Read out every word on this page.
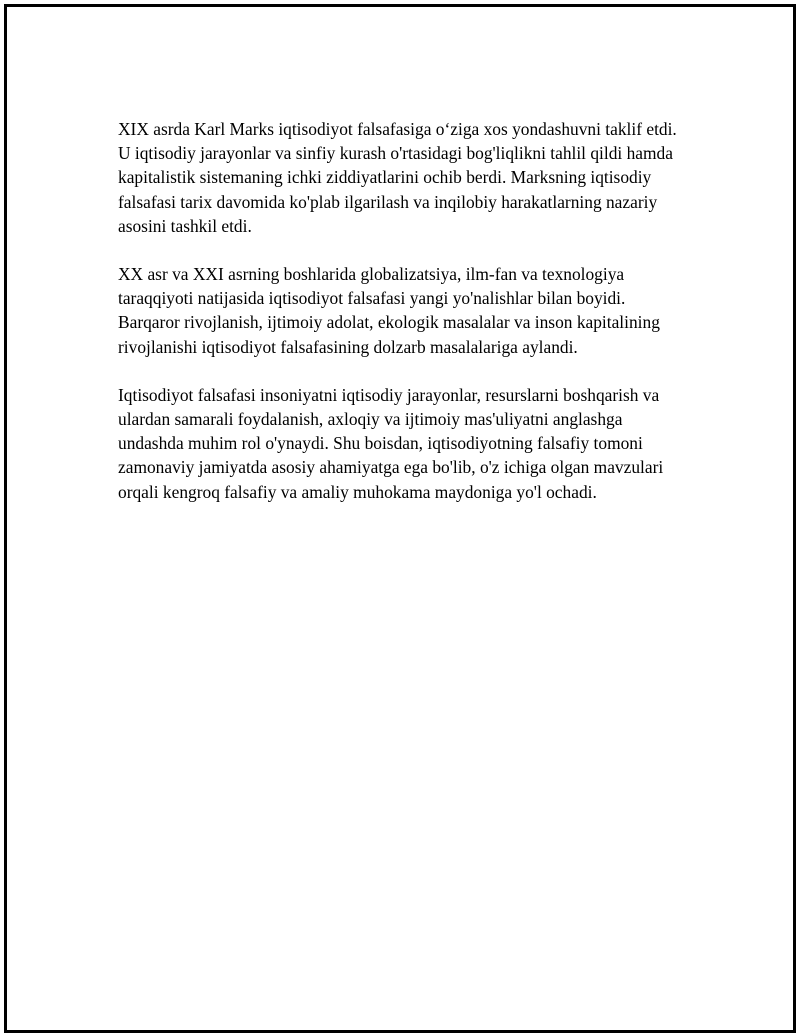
XIX asrda Karl Marks iqtisodiyot falsafasiga o‘ziga xos yondashuvni taklif etdi. U iqtisodiy jarayonlar va sinfiy kurash o'rtasidagi bog'liqlikni tahlil qildi hamda kapitalistik sistemaning ichki ziddiyatlarini ochib berdi. Marksning iqtisodiy falsafasi tarix davomida ko'plab ilgarilash va inqilobiy harakatlarning nazariy asosini tashkil etdi.

XX asr va XXI asrning boshlarida globalizatsiya, ilm-fan va texnologiya taraqqiyoti natijasida iqtisodiyot falsafasi yangi yo'nalishlar bilan boyidi. Barqaror rivojlanish, ijtimoiy adolat, ekologik masalalar va inson kapitalining rivojlanishi iqtisodiyot falsafasining dolzarb masalalariga aylandi.

Iqtisodiyot falsafasi insoniyatni iqtisodiy jarayonlar, resurslarni boshqarish va ulardan samarali foydalanish, axloqiy va ijtimoiy mas'uliyatni anglashga undashda muhim rol o'ynaydi. Shu boisdan, iqtisodiyotning falsafiy tomoni zamonaviy jamiyatda asosiy ahamiyatga ega bo'lib, o'z ichiga olgan mavzulari orqali kengroq falsafiy va amaliy muhokama maydoniga yo'l ochadi.
